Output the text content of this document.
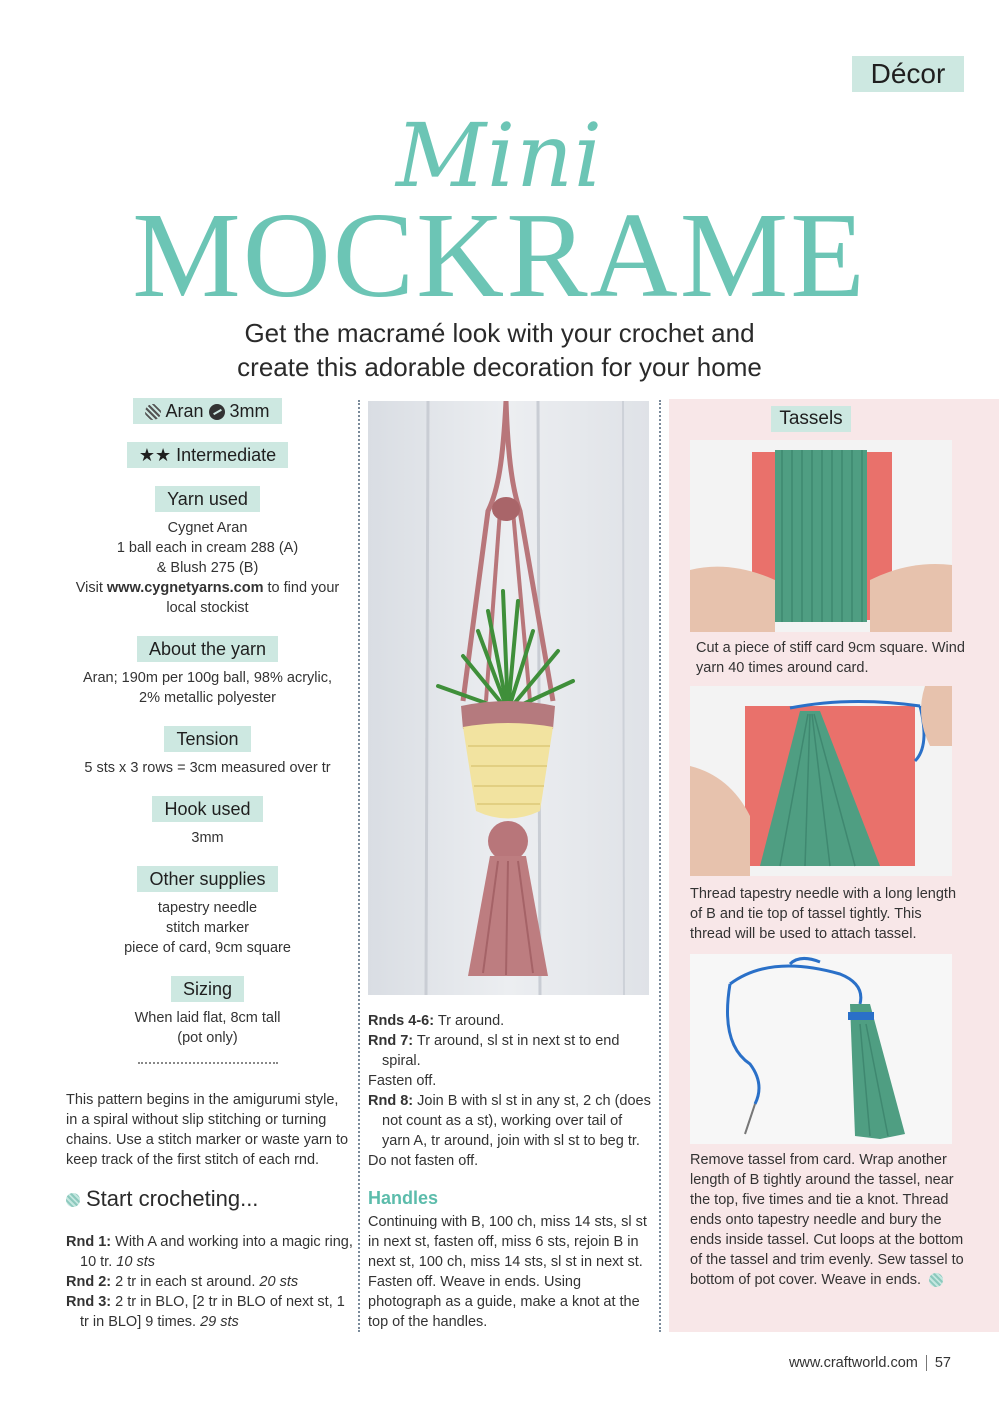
Décor
Mini
MOCKRAME
Get the macramé look with your crochet and
create this adorable decoration for your home
Aran 3mm
★★ Intermediate
Yarn used
Cygnet Aran
1 ball each in cream 288 (A)
& Blush 275 (B)
Visit www.cygnetyarns.com to find your
local stockist
About the yarn
Aran; 190m per 100g ball, 98% acrylic,
2% metallic polyester
Tension
5 sts x 3 rows = 3cm measured over tr
Hook used
3mm
Other supplies
tapestry needle
stitch marker
piece of card, 9cm square
Sizing
When laid flat, 8cm tall
(pot only)
This pattern begins in the amigurumi style, in a spiral without slip stitching or turning chains. Use a stitch marker or waste yarn to keep track of the first stitch of each rnd.
Start crocheting...
Rnd 1: With A and working into a magic ring, 10 tr. 10 sts
Rnd 2: 2 tr in each st around. 20 sts
Rnd 3: 2 tr in BLO, [2 tr in BLO of next st, 1 tr in BLO] 9 times. 29 sts
Rnds 4-6: Tr around.
Rnd 7: Tr around, sl st in next st to end spiral.
Fasten off.
Rnd 8: Join B with sl st in any st, 2 ch (does not count as a st), working over tail of yarn A, tr around, join with sl st to beg tr.
Do not fasten off.
Handles
Continuing with B, 100 ch, miss 14 sts, sl st in next st, fasten off, miss 6 sts, rejoin B in next st, 100 ch, miss 14 sts, sl st in next st. Fasten off. Weave in ends. Using photograph as a guide, make a knot at the top of the handles.
Tassels
Cut a piece of stiff card 9cm square. Wind yarn 40 times around card.
Thread tapestry needle with a long length of B and tie top of tassel tightly. This thread will be used to attach tassel.
Remove tassel from card. Wrap another length of B tightly around the tassel, near the top, five times and tie a knot. Thread ends onto tapestry needle and bury the ends inside tassel. Cut loops at the bottom of the tassel and trim evenly. Sew tassel to bottom of pot cover. Weave in ends.
www.craftworld.com 57
